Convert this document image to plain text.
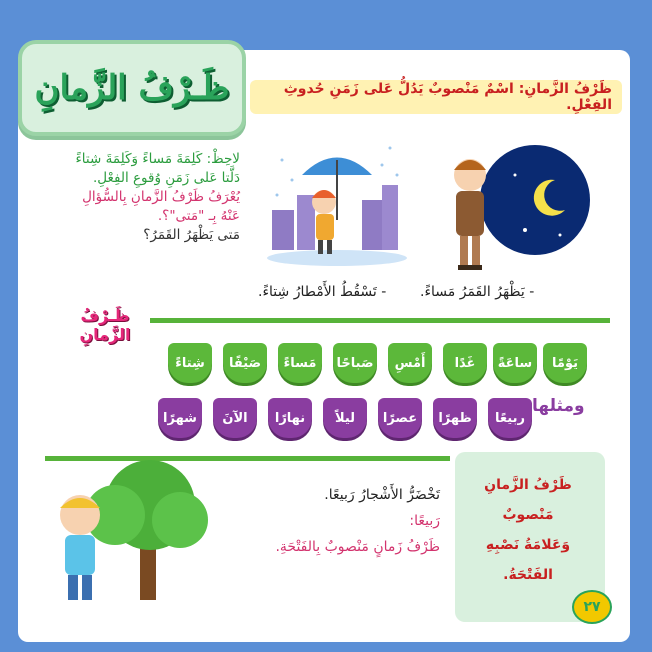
ظَـرْفُ الزَّمانِ	ظَرْفُ الزَّمانِ: اسْمٌ مَنْصوبٌ يَدُلُّ عَلى زَمَنِ حُدوثِ الفِعْلِ.
لاحِظْ: كَلِمَةَ مَساءً وَكَلِمَةَ شِتاءً
دَلَّتا عَلى زَمَنِ وُقوعِ الفِعْلِ.
يُعْرَفُ ظَرْفُ الزَّمانِ بِالسُّؤالِ
عَنْهُ بِـ "مَتى"؟.
مَتى يَظْهَرُ القَمَرُ؟
- يَظْهَرُ القَمَرُ مَساءً.
- تَسْقُطُ الأَمْطارُ شِتاءً.
ظَـرْفُ الزَّمانِ
يَوْمًا
ساعَةً
غَدًا
أَمْسِ
صَباحًا
مَساءً
صَيْفًا
شِتاءً
ربيعًا
ظهرًا
عصرًا
ليلاً
نهارًا
الآنَ
شهرًا
ومثلها
تَخْضَرُّ الأَشْجارُ رَبيعًا.
رَبيعًا:
ظَرْفُ زَمانٍ مَنْصوبٌ بِالفَتْحَةِ.
ظَرْفُ الزَّمانِ
مَنْصوبٌ
وَعَلامَةُ نَصْبِهِ
الفَتْحَةُ.
٢٧
